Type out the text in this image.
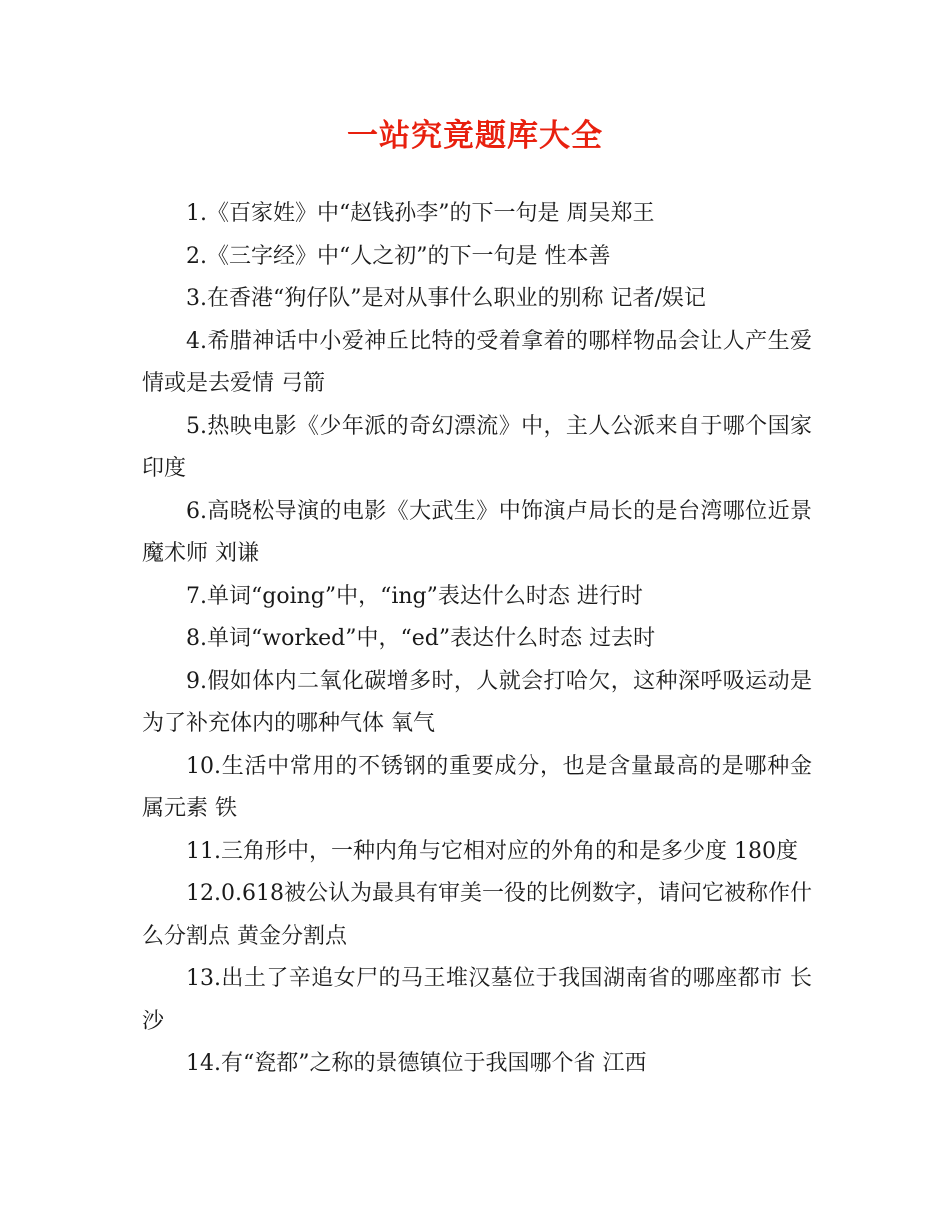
一站究竟题库大全

1.《百家姓》中“赵钱孙李”的下一句是 周吴郑王

2.《三字经》中“人之初”的下一句是 性本善

3.在香港“狗仔队”是对从事什么职业的别称 记者/娱记

4.希腊神话中小爱神丘比特的受着拿着的哪样物品会让人产生爱情或是去爱情 弓箭

5.热映电影《少年派的奇幻漂流》中，主人公派来自于哪个国家 印度

6.高晓松导演的电影《大武生》中饰演卢局长的是台湾哪位近景魔术师 刘谦

7.单词“going”中，“ing”表达什么时态 进行时

8.单词“worked”中，“ed”表达什么时态 过去时

9.假如体内二氧化碳增多时，人就会打哈欠，这种深呼吸运动是为了补充体内的哪种气体 氧气

10.生活中常用的不锈钢的重要成分，也是含量最高的是哪种金属元素 铁

11.三角形中，一种内角与它相对应的外角的和是多少度 180度

12.0.618被公认为最具有审美一役的比例数字，请问它被称作什么分割点 黄金分割点

13.出土了辛追女尸的马王堆汉墓位于我国湖南省的哪座都市 长沙

14.有“瓷都”之称的景德镇位于我国哪个省 江西
